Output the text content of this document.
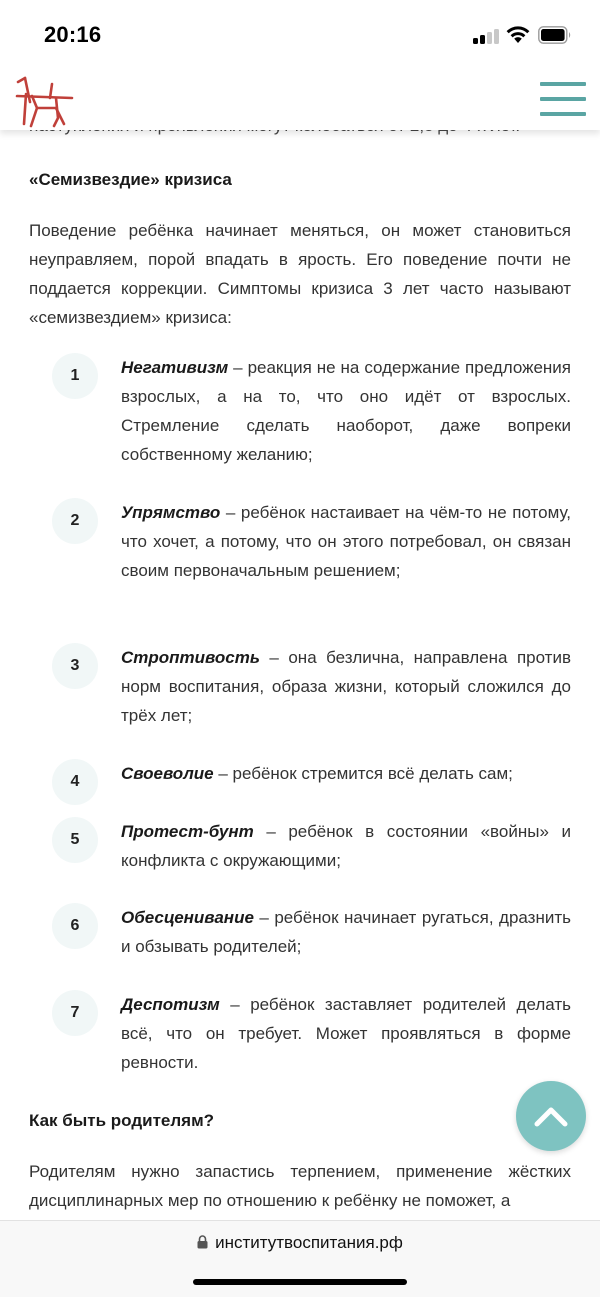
20:16
«Семизвездие» кризиса
Поведение ребёнка начинает меняться, он может становиться неуправляем, порой впадать в ярость. Его поведение почти не поддается коррекции. Симптомы кризиса 3 лет часто называют «семизвездием» кризиса:
1	Негативизм – реакция не на содержание предложения взрослых, а на то, что оно идёт от взрослых. Стремление сделать наоборот, даже вопреки собственному желанию;
2	Упрямство – ребёнок настаивает на чём-то не потому, что хочет, а потому, что он этого потребовал, он связан своим первоначальным решением;
3	Строптивость – она безлична, направлена против норм воспитания, образа жизни, который сложился до трёх лет;
4	Своеволие – ребёнок стремится всё делать сам;
5	Протест-бунт – ребёнок в состоянии «войны» и конфликта с окружающими;
6	Обесценивание – ребёнок начинает ругаться, дразнить и обзывать родителей;
7	Деспотизм – ребёнок заставляет родителей делать всё, что он требует. Может проявляться в форме ревности.
Как быть родителям?
Родителям нужно запастись терпением, применение жёстких дисциплинарных мер по отношению к ребёнку не поможет, а
институтвоспитания.рф
